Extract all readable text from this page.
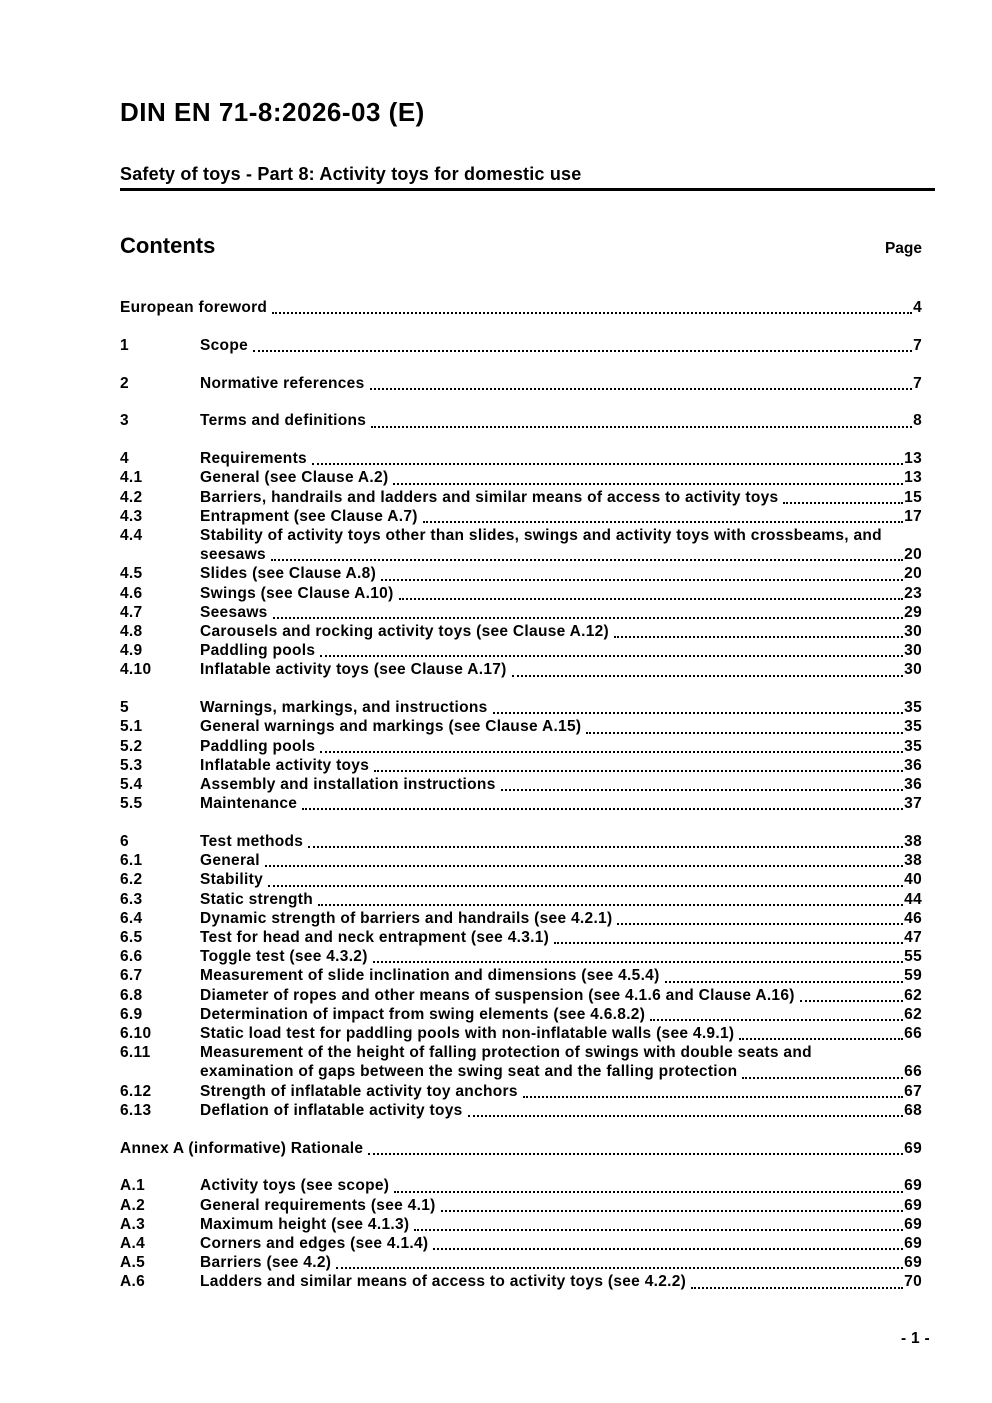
DIN EN 71-8:2026-03 (E)
Safety of toys - Part 8: Activity toys for domestic use
Contents	Page
European foreword	4
1	Scope	7
2	Normative references	7
3	Terms and definitions	8
4	Requirements	13
4.1	General (see Clause A.2)	13
4.2	Barriers, handrails and ladders and similar means of access to activity toys	15
4.3	Entrapment (see Clause A.7)	17
4.4	Stability of activity toys other than slides, swings and activity toys with crossbeams, and
seesaws	20
4.5	Slides (see Clause A.8)	20
4.6	Swings (see Clause A.10)	23
4.7	Seesaws	29
4.8	Carousels and rocking activity toys (see Clause A.12)	30
4.9	Paddling pools	30
4.10	Inflatable activity toys (see Clause A.17)	30
5	Warnings, markings, and instructions	35
5.1	General warnings and markings (see Clause A.15)	35
5.2	Paddling pools	35
5.3	Inflatable activity toys	36
5.4	Assembly and installation instructions	36
5.5	Maintenance	37
6	Test methods	38
6.1	General	38
6.2	Stability	40
6.3	Static strength	44
6.4	Dynamic strength of barriers and handrails (see 4.2.1)	46
6.5	Test for head and neck entrapment (see 4.3.1)	47
6.6	Toggle test (see 4.3.2)	55
6.7	Measurement of slide inclination and dimensions (see 4.5.4)	59
6.8	Diameter of ropes and other means of suspension (see 4.1.6 and Clause A.16)	62
6.9	Determination of impact from swing elements (see 4.6.8.2)	62
6.10	Static load test for paddling pools with non-inflatable walls (see 4.9.1)	66
6.11	Measurement of the height of falling protection of swings with double seats and
examination of gaps between the swing seat and the falling protection	66
6.12	Strength of inflatable activity toy anchors	67
6.13	Deflation of inflatable activity toys	68
Annex A (informative) Rationale	69
A.1	Activity toys (see scope)	69
A.2	General requirements (see 4.1)	69
A.3	Maximum height (see 4.1.3)	69
A.4	Corners and edges (see 4.1.4)	69
A.5	Barriers (see 4.2)	69
A.6	Ladders and similar means of access to activity toys (see 4.2.2)	70
- 1 -
